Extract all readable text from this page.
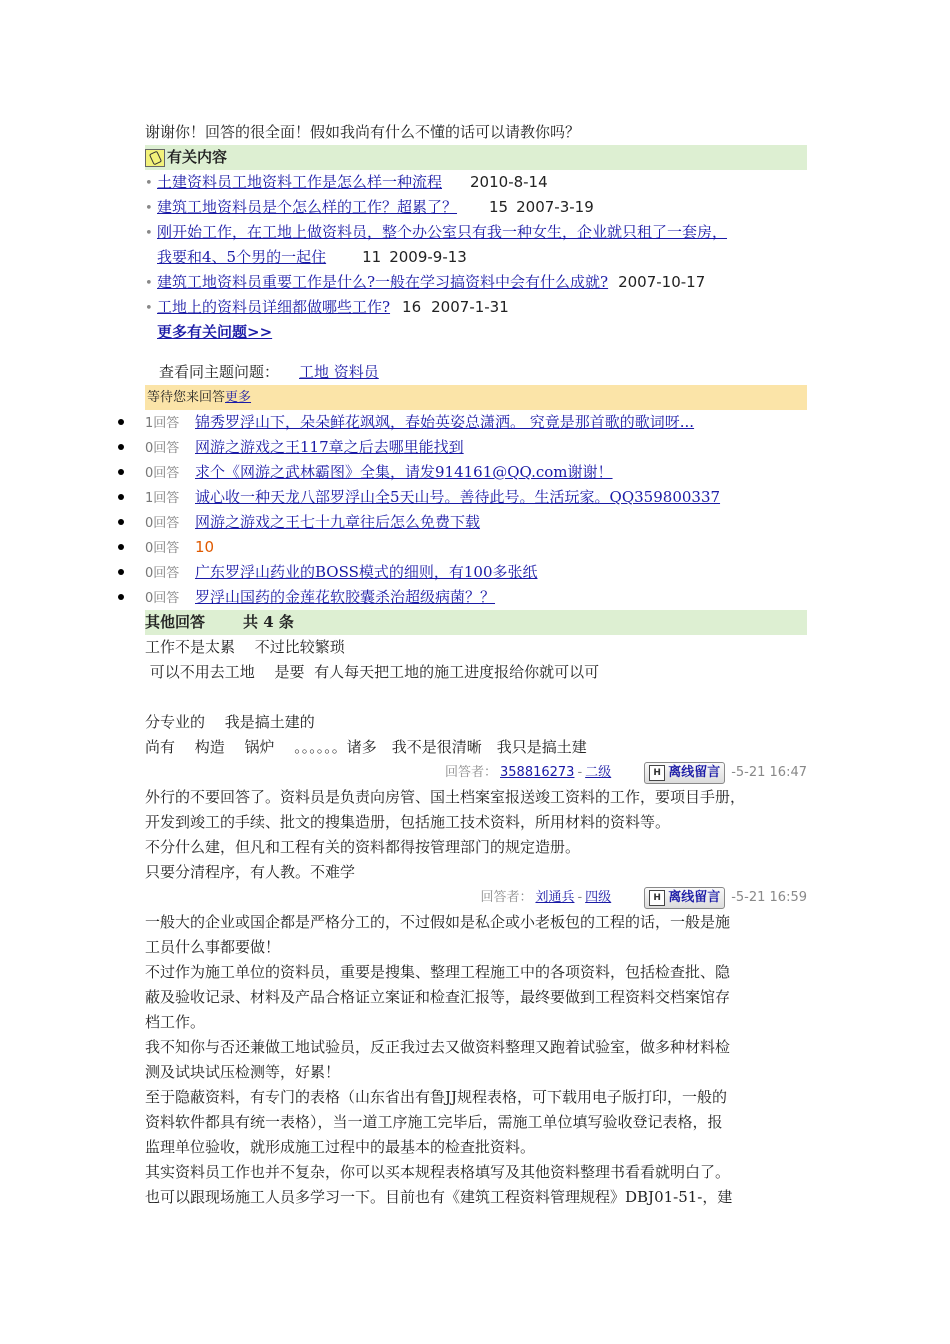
谢谢你！回答的很全面！假如我尚有什么不懂的话可以请教你吗？
有关内容
• 土建资料员工地资料工作是怎么样一种流程 2010-8-14
• 建筑工地资料员是个怎么样的工作？超累了？ 15 2007-3-19
• 刚开始工作，在工地上做资料员，整个办公室只有我一种女生，企业就只租了一套房，
我要和4、5个男的一起住 11 2009-9-13
• 建筑工地资料员重要工作是什么?一般在学习搞资料中会有什么成就? 2007-10-17
• 工地上的资料员详细都做哪些工作? 16 2007-1-31
更多有关问题>>
查看同主题问题： 工地 资料员
等待您来回答 更多
1回答 锦秀罗浮山下，朵朵鲜花飒飒，春始英姿总潇洒。 究竟是那首歌的歌词呀...
0回答 网游之游戏之王117章之后去哪里能找到
0回答 求个《网游之武林霸图》全集，请发914161@QQ.com谢谢！
1回答 诚心收一种天龙八部罗浮山全5天山号。善待此号。生活玩家。QQ359800337
0回答 网游之游戏之王七十九章往后怎么免费下载
0回答 10
0回答 广东罗浮山药业的BOSS模式的细则，有100多张纸
0回答 罗浮山国药的金莲花软胶囊杀治超级病菌？？
其他回答	共 4 条
工作不是太累　 不过比较繁琐
可以不用去工地　 是要  有人每天把工地的施工进度报给你就可以可
分专业的　 我是搞土建的
尚有　 构造　 锅炉　 。。。。。。诸多　我不是很清晰　我只是搞土建
回答者： 358816273 - 二级	H 离线留言 -5-21 16:47
外行的不要回答了。资料员是负责向房管、国土档案室报送竣工资料的工作，要项目手册，
开发到竣工的手续、批文的搜集造册，包括施工技术资料，所用材料的资料等。
不分什么建，但凡和工程有关的资料都得按管理部门的规定造册。
只要分清程序，有人教。不难学
回答者： 刘通兵 - 四级	H 离线留言 -5-21 16:59
一般大的企业或国企都是严格分工的，不过假如是私企或小老板包的工程的话，一般是施
工员什么事都要做！
不过作为施工单位的资料员，重要是搜集、整理工程施工中的各项资料，包括检查批、隐
蔽及验收记录、材料及产品合格证立案证和检查汇报等，最终要做到工程资料交档案馆存
档工作。
我不知你与否还兼做工地试验员，反正我过去又做资料整理又跑着试验室，做多种材料检
测及试块试压检测等，好累！
至于隐蔽资料，有专门的表格（山东省出有鲁JJ规程表格，可下载用电子版打印，一般的
资料软件都具有统一表格），当一道工序施工完毕后，需施工单位填写验收登记表格，报
监理单位验收，就形成施工过程中的最基本的检查批资料。
其实资料员工作也并不复杂，你可以买本规程表格填写及其他资料整理书看看就明白了。
也可以跟现场施工人员多学习一下。目前也有《建筑工程资料管理规程》DBJ01-51-，建
